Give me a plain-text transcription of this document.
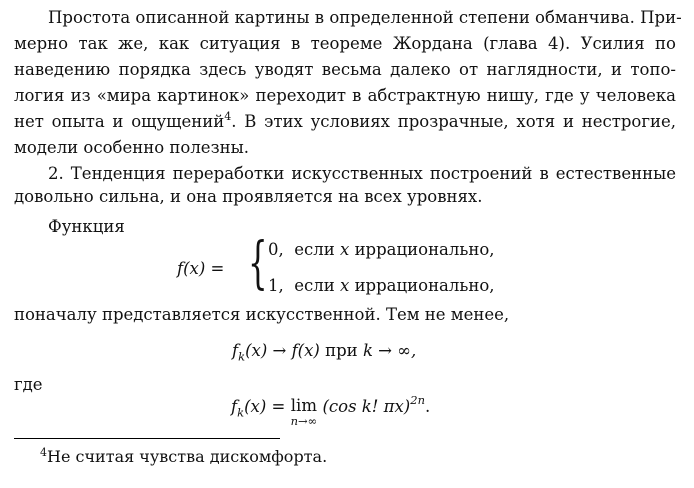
Простота описанной картины в определенной степени обманчива. При-
мерно так же, как ситуация в теореме Жордана (глава 4). Усилия по
наведению порядка здесь уводят весьма далеко от наглядности, и топо-
логия из «мира картинок» переходит в абстрактную нишу, где у человека
нет опыта и ощущений$^4$. В этих условиях прозрачные, хотя и нестрогие,
модели особенно полезны.
2. Тенденция переработки искусственных построений в естественные
довольно сильна, и она проявляется на всех уровнях.
Функция
f(x) = { 0, если x иррационально,
1, если x иррационально,
поначалу представляется искусственной. Тем не менее,
$f_k(x) \to f(x)$ при k → ∞,
где
$f_k(x) = \lim$
n→∞
(cos k! πx)$^{2n}$.
$^4$Не считая чувства дискомфорта.
